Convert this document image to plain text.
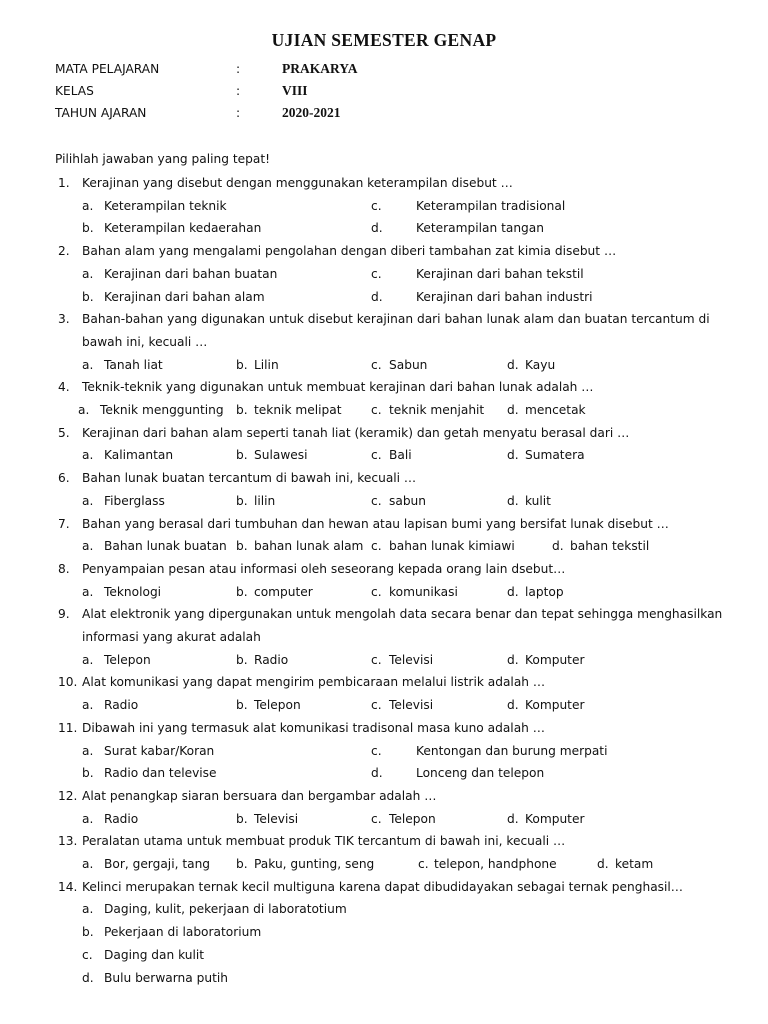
UJIAN SEMESTER GENAP
MATA PELAJARAN	:	PRAKARYA
KELAS	:	VIII
TAHUN AJARAN	:	2020-2021
Pilihlah jawaban yang paling tepat!
1. Kerajinan yang disebut dengan menggunakan keterampilan disebut …
a. Keterampilan teknik	c.	Keterampilan tradisional
b. Keterampilan kedaerahan	d.	Keterampilan tangan
2. Bahan alam yang mengalami pengolahan dengan diberi tambahan zat kimia disebut …
a. Kerajinan dari bahan buatan	c.	Kerajinan dari bahan tekstil
b. Kerajinan dari bahan alam	d.	Kerajinan dari bahan industri
3. Bahan-bahan yang digunakan untuk disebut kerajinan dari bahan lunak alam dan buatan tercantum di
bawah ini, kecuali …
a. Tanah liat	b. Lilin	c. Sabun	d. Kayu
4. Teknik-teknik yang digunakan untuk membuat kerajinan dari bahan lunak adalah …
a. Teknik menggunting b. teknik melipat c. teknik menjahit d. mencetak
5. Kerajinan dari bahan alam seperti tanah liat (keramik) dan getah menyatu berasal dari …
a. Kalimantan	b. Sulawesi	c. Bali	d. Sumatera
6. Bahan lunak buatan tercantum di bawah ini, kecuali …
a. Fiberglass	b. lilin	c. sabun	d. kulit
7. Bahan yang berasal dari tumbuhan dan hewan atau lapisan bumi yang bersifat lunak disebut …
a. Bahan lunak buatan b. bahan lunak alam c. bahan lunak kimiawi	d. bahan tekstil
8. Penyampaian pesan atau informasi oleh seseorang kepada orang lain dsebut…
a. Teknologi	b. computer	c. komunikasi	d. laptop
9. Alat elektronik yang dipergunakan untuk mengolah data secara benar dan tepat sehingga menghasilkan
informasi yang akurat adalah
a. Telepon	b. Radio	c. Televisi	d. Komputer
10. Alat komunikasi yang dapat mengirim pembicaraan melalui listrik adalah …
a. Radio	b. Telepon	c. Televisi	d. Komputer
11. Dibawah ini yang termasuk alat komunikasi tradisonal masa kuno adalah …
a. Surat kabar/Koran	c.	Kentongan dan burung merpati
b. Radio dan televise	d.	Lonceng dan telepon
12. Alat penangkap siaran bersuara dan bergambar adalah …
a. Radio	b. Televisi	c. Telepon	d. Komputer
13. Peralatan utama untuk membuat produk TIK tercantum di bawah ini, kecuali …
a. Bor, gergaji, tang b. Paku, gunting, seng	c. telepon, handphone	d. ketam
14. Kelinci merupakan ternak kecil multiguna karena dapat dibudidayakan sebagai ternak penghasil…
a. Daging, kulit, pekerjaan di laboratotium
b. Pekerjaan di laboratorium
c. Daging dan kulit
d. Bulu berwarna putih
